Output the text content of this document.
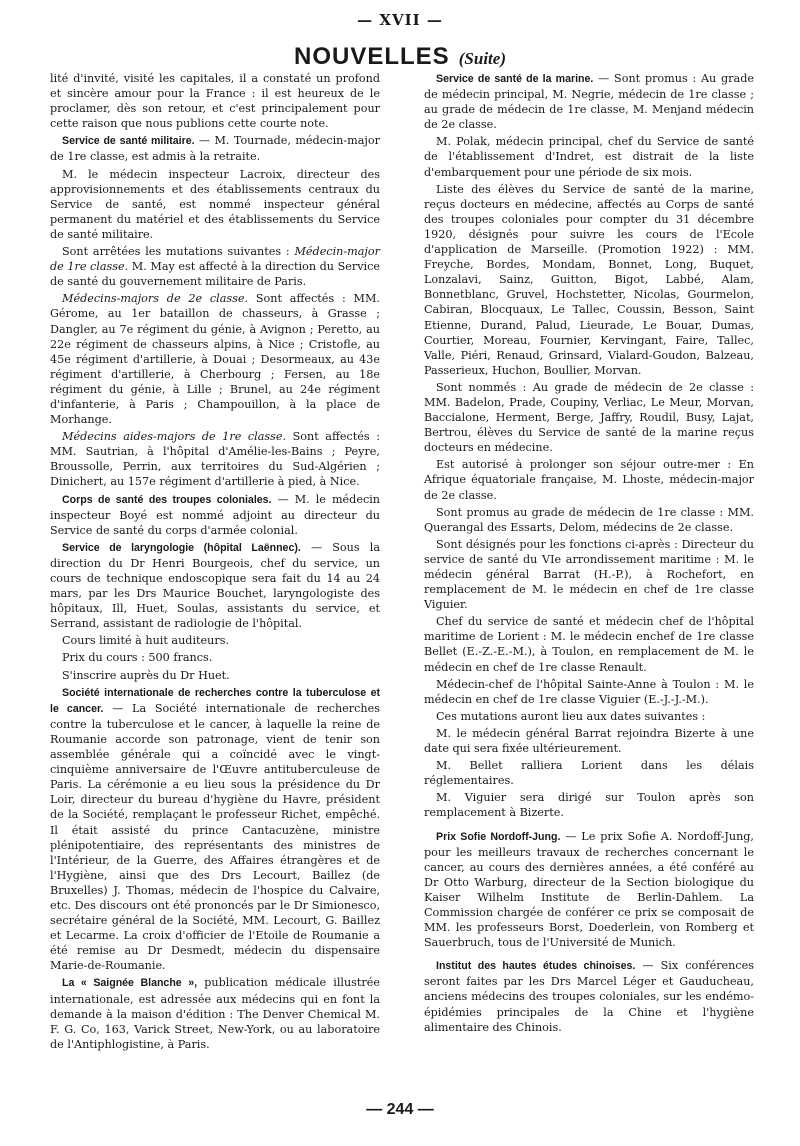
— XVII —
NOUVELLES (Suite)

lité d'invité, visité les capitales, il a constaté un profond et sincère amour pour la France : il est heureux de le proclamer, dès son retour, et c'est principalement pour cette raison que nous publions cette courte note.

Service de santé militaire. — M. Tournade, médecin-major de 1re classe, est admis à la retraite.

M. le médecin inspecteur Lacroix, directeur des approvisionnements et des établissements centraux du Service de santé, est nommé inspecteur général permanent du matériel et des établissements du Service de santé militaire.

Sont arrêtées les mutations suivantes : Médecin-major de 1re classe. M. May est affecté à la direction du Service de santé du gouvernement militaire de Paris.

Médecins-majors de 2e classe. Sont affectés : MM. Gérome, au 1er bataillon de chasseurs, à Grasse ; Dangler, au 7e régiment du génie, à Avignon ; Peretto, au 22e régiment de chasseurs alpins, à Nice ; Cristofle, au 45e régiment d'artillerie, à Douai ; Desormeaux, au 43e régiment d'artillerie, à Cherbourg ; Fersen, au 18e régiment du génie, à Lille ; Brunel, au 24e régiment d'infanterie, à Paris ; Champouillon, à la place de Morhange.

Médecins aides-majors de 1re classe. Sont affectés : MM. Sautrian, à l'hôpital d'Amélie-les-Bains ; Peyre, Broussolle, Perrin, aux territoires du Sud-Algérien ; Dinichert, au 157e régiment d'artillerie à pied, à Nice.

Corps de santé des troupes coloniales. — M. le médecin inspecteur Boyé est nommé adjoint au directeur du Service de santé du corps d'armée colonial.

Service de laryngologie (hôpital Laënnec). — Sous la direction du Dr Henri Bourgeois, chef du service, un cours de technique endoscopique sera fait du 14 au 24 mars, par les Drs Maurice Bouchet, laryngologiste des hôpitaux, Ill, Huet, Soulas, assistants du service, et Serrand, assistant de radiologie de l'hôpital.

Cours limité à huit auditeurs.

Prix du cours : 500 francs.

S'inscrire auprès du Dr Huet.

Société internationale de recherches contre la tuberculose et le cancer. — La Société internationale de recherches contre la tuberculose et le cancer, à laquelle la reine de Roumanie accorde son patronage, vient de tenir son assemblée générale qui a coïncidé avec le vingt-cinquième anniversaire de l'Œuvre antituberculeuse de Paris. La cérémonie a eu lieu sous la présidence du Dr Loir, directeur du bureau d'hygiène du Havre, président de la Société, remplaçant le professeur Richet, empêché. Il était assisté du prince Cantacuzène, ministre plénipotentiaire, des représentants des ministres de l'Intérieur, de la Guerre, des Affaires étrangères et de l'Hygiène, ainsi que des Drs Lecourt, Baillez (de Bruxelles) J. Thomas, médecin de l'hospice du Calvaire, etc. Des discours ont été prononcés par le Dr Simionesco, secrétaire général de la Société, MM. Lecourt, G. Baillez et Lecarme. La croix d'officier de l'Etoile de Roumanie a été remise au Dr Desmedt, médecin du dispensaire Marie-de-Roumanie.

La « Saignée Blanche », publication médicale illustrée internationale, est adressée aux médecins qui en font la demande à la maison d'édition : The Denver Chemical M. F. G. Co, 163, Varick Street, New-York, ou au laboratoire de l'Antiphlogistine, à Paris.

Service de santé de la marine. — Sont promus : Au grade de médecin principal, M. Negrie, médecin de 1re classe ; au grade de médecin de 1re classe, M. Menjand médecin de 2e classe.

M. Polak, médecin principal, chef du Service de santé de l'établissement d'Indret, est distrait de la liste d'embarquement pour une période de six mois.

Liste des élèves du Service de santé de la marine, reçus docteurs en médecine, affectés au Corps de santé des troupes coloniales pour compter du 31 décembre 1920, désignés pour suivre les cours de l'Ecole d'application de Marseille. (Promotion 1922) : MM. Freyche, Bordes, Mondam, Bonnet, Long, Buquet, Lonzalavi, Sainz, Guitton, Bigot, Labbé, Alam, Bonnetblanc, Gruvel, Hochstetter, Nicolas, Gourmelon, Cabiran, Blocquaux, Le Tallec, Coussin, Besson, Saint Etienne, Durand, Palud, Lieurade, Le Bouar, Dumas, Courtier, Moreau, Fournier, Kervingant, Faire, Tallec, Valle, Piéri, Renaud, Grinsard, Vialard-Goudon, Balzeau, Passerieux, Huchon, Boullier, Morvan.

Sont nommés : Au grade de médecin de 2e classe : MM. Badelon, Prade, Coupiny, Verliac, Le Meur, Morvan, Baccialone, Herment, Berge, Jaffry, Roudil, Busy, Lajat, Bertrou, élèves du Service de santé de la marine reçus docteurs en médecine.

Est autorisé à prolonger son séjour outre-mer : En Afrique équatoriale française, M. Lhoste, médecin-major de 2e classe.

Sont promus au grade de médecin de 1re classe : MM. Querangal des Essarts, Delom, médecins de 2e classe.

Sont désignés pour les fonctions ci-après : Directeur du service de santé du VIe arrondissement maritime : M. le médecin général Barrat (H.-P.), à Rochefort, en remplacement de M. le médecin en chef de 1re classe Viguier.

Chef du service de santé et médecin chef de l'hôpital maritime de Lorient : M. le médecin enchef de 1re classe Bellet (E.-Z.-E.-M.), à Toulon, en remplacement de M. le médecin en chef de 1re classe Renault.

Médecin-chef de l'hôpital Sainte-Anne à Toulon : M. le médecin en chef de 1re classe Viguier (E.-J.-J.-M.).

Ces mutations auront lieu aux dates suivantes :

M. le médecin général Barrat rejoindra Bizerte à une date qui sera fixée ultérieurement.

M. Bellet ralliera Lorient dans les délais réglementaires.

M. Viguier sera dirigé sur Toulon après son remplacement à Bizerte.

Prix Sofie Nordoff-Jung. — Le prix Sofie A. Nordoff-Jung, pour les meilleurs travaux de recherches concernant le cancer, au cours des dernières années, a été conféré au Dr Otto Warburg, directeur de la Section biologique du Kaiser Wilhelm Institute de Berlin-Dahlem. La Commission chargée de conférer ce prix se composait de MM. les professeurs Borst, Doederlein, von Romberg et Sauerbruch, tous de l'Université de Munich.

Institut des hautes études chinoises. — Six conférences seront faites par les Drs Marcel Léger et Gauducheau, anciens médecins des troupes coloniales, sur les endémo-épidémies principales de la Chine et l'hygiène alimentaire des Chinois.

— 244 —
